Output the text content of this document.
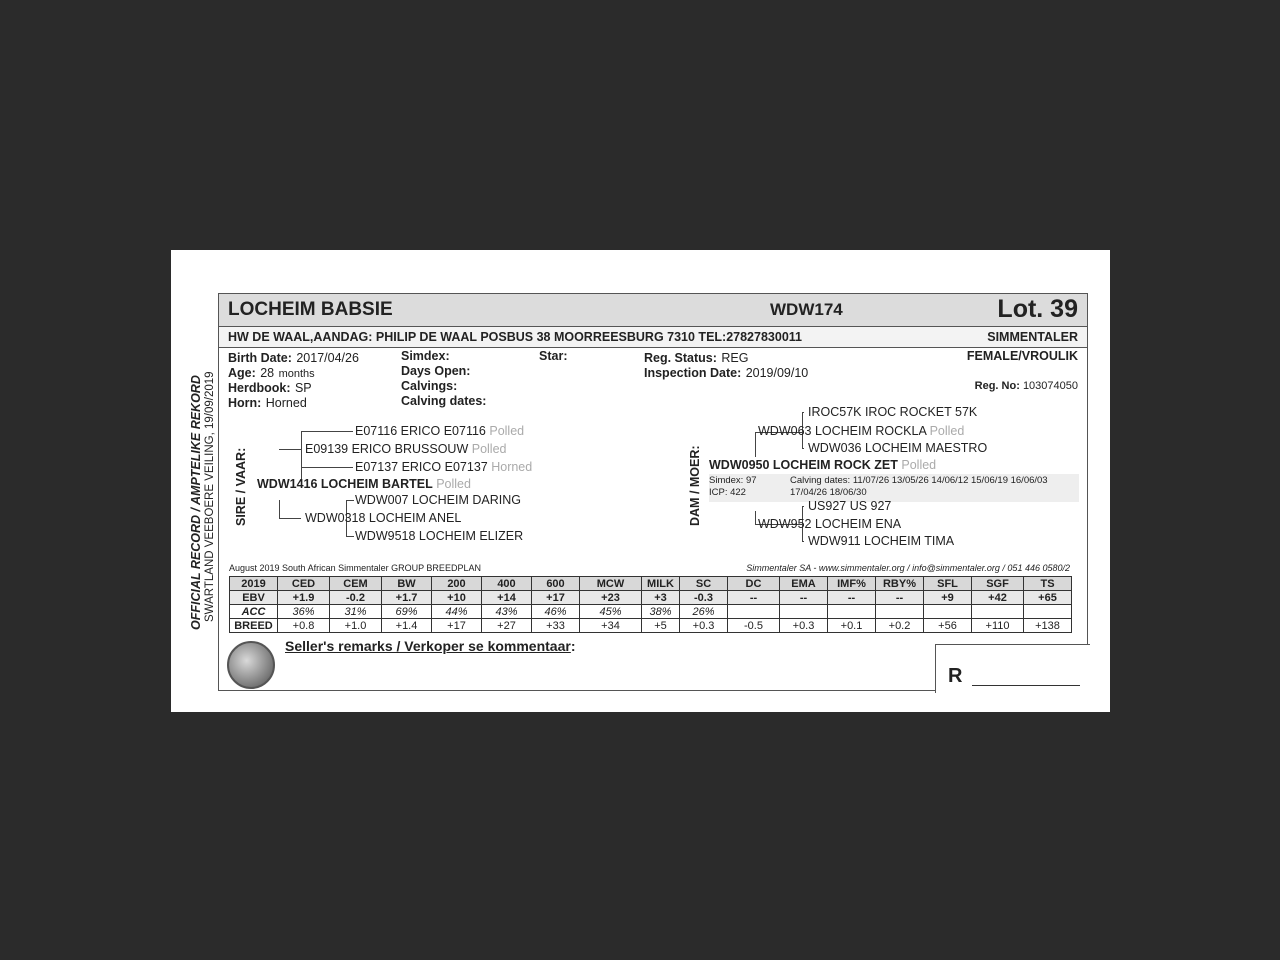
OFFICIAL RECORD / AMPTELIKE REKORD SWARTLAND VEEBOERE VEILING, 19/09/2019
LOCHEIM BABSIE	WDW174	Lot. 39
HW DE WAAL,AANDAG: PHILIP DE WAAL POSBUS 38 MOORREESBURG 7310 TEL:27827830011	SIMMENTALER
Birth Date: 2017/04/26
Age: 28 months
Herdbook: SP
Horn: Horned
Simdex:
Days Open:
Calvings:
Calving dates:
Star:	Reg. Status: REG
Inspection Date: 2019/09/10
FEMALE/VROULIK
Reg. No: 103074050
SIRE / VAAR:
E07116 ERICO E07116 Polled
E09139 ERICO BRUSSOUW Polled
E07137 ERICO E07137 Horned
WDW1416 LOCHEIM BARTEL Polled
WDW007 LOCHEIM DARING
WDW0318 LOCHEIM ANEL
WDW9518 LOCHEIM ELIZER
DAM / MOER:
IROC57K IROC ROCKET 57K
WDW063 LOCHEIM ROCKLA Polled
WDW036 LOCHEIM MAESTRO
WDW0950 LOCHEIM ROCK ZET Polled
Simdex: 97
ICP: 422
Calving dates: 11/07/26 13/05/26 14/06/12 15/06/19 16/06/03
17/04/26 18/06/30
US927 US 927
WDW952 LOCHEIM ENA
WDW911 LOCHEIM TIMA
August 2019 South African Simmentaler GROUP BREEDPLAN	Simmentaler SA - www.simmentaler.org / info@simmentaler.org / 051 446 0580/2
2019	CED	CEM	BW	200	400	600	MCW	MILK	SC	DC	EMA	IMF%	RBY%	SFL	SGF	TS
EBV	+1.9	-0.2	+1.7	+10	+14	+17	+23	+3	-0.3	--	--	--	--	+9	+42	+65
ACC	36%	31%	69%	44%	43%	46%	45%	38%	26%							
BREED	+0.8	+1.0	+1.4	+17	+27	+33	+34	+5	+0.3	-0.5	+0.3	+0.1	+0.2	+56	+110	+138
Seller's remarks / Verkoper se kommentaar:
R
